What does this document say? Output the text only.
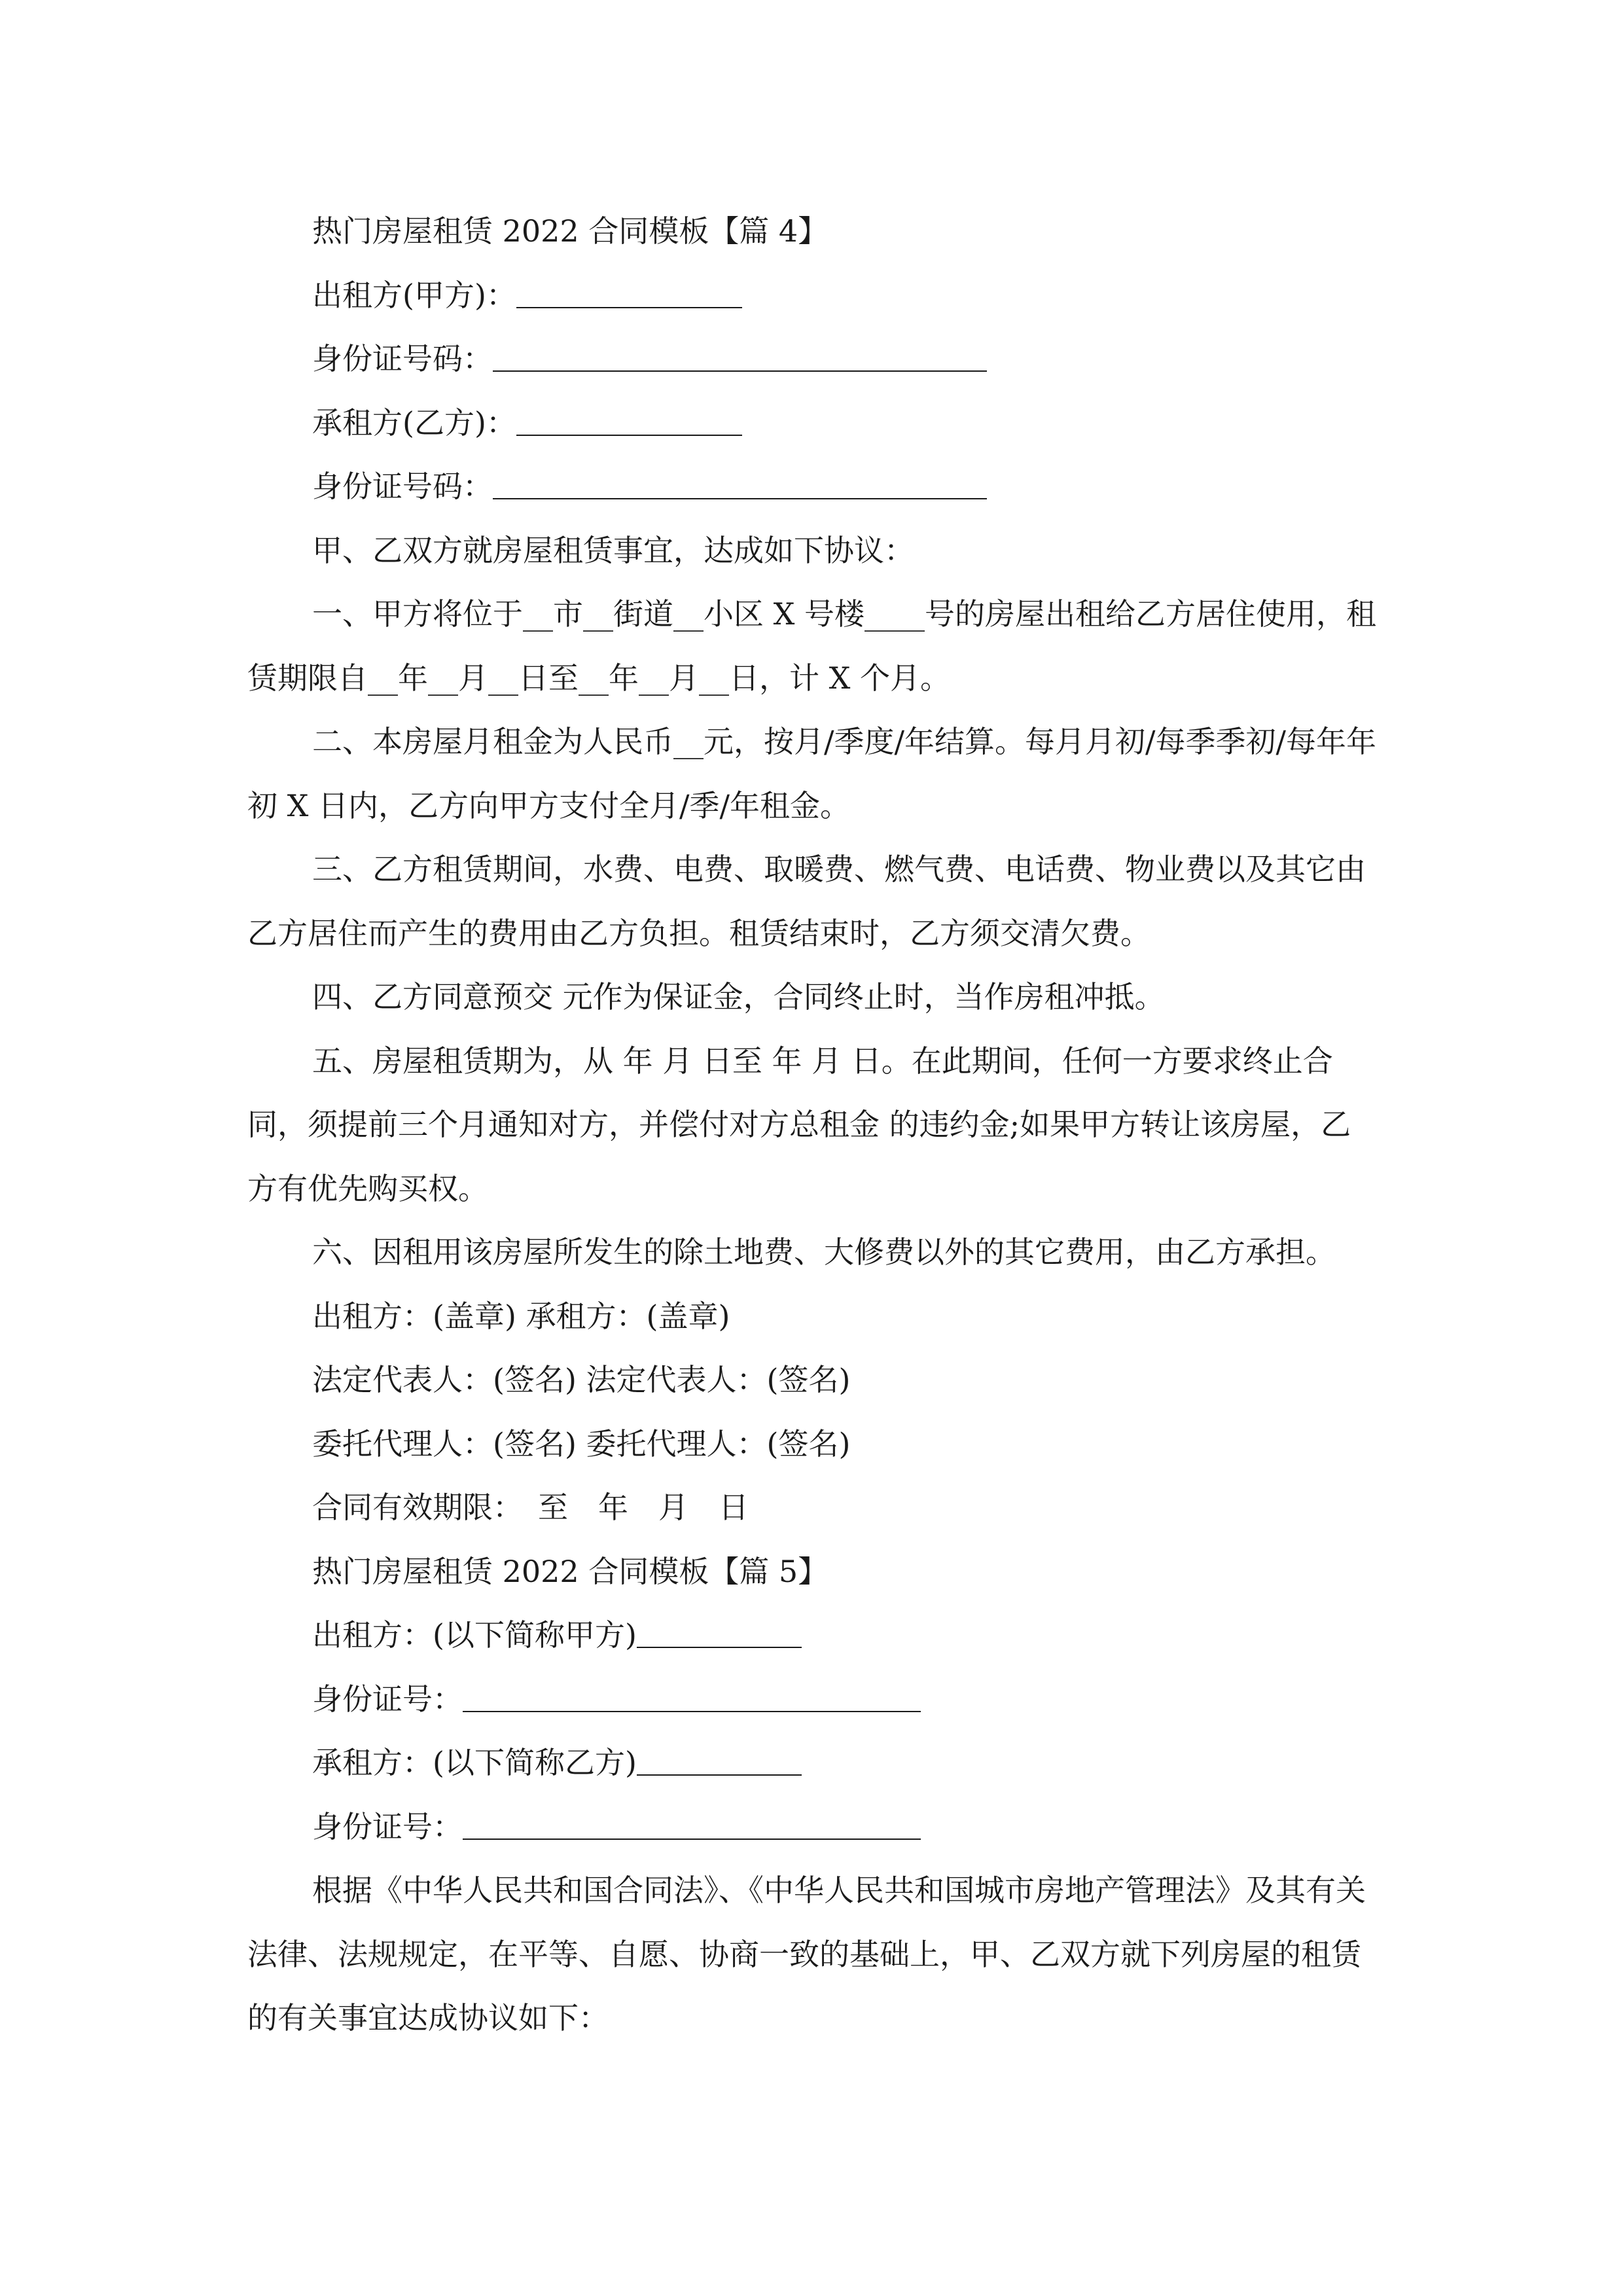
热门房屋租赁 2022 合同模板【篇 4】

出租方(甲方)：

身份证号码：

承租方(乙方)：

身份证号码：

甲、乙双方就房屋租赁事宜，达成如下协议：

一、甲方将位于__市__街道__小区 X 号楼____号的房屋出租给乙方居住使用，租赁期限自__年__月__日至__年__月__日，计 X 个月。

二、本房屋月租金为人民币__元，按月/季度/年结算。每月月初/每季季初/每年年初 X 日内，乙方向甲方支付全月/季/年租金。

三、乙方租赁期间，水费、电费、取暖费、燃气费、电话费、物业费以及其它由乙方居住而产生的费用由乙方负担。租赁结束时，乙方须交清欠费。

四、乙方同意预交 元作为保证金，合同终止时，当作房租冲抵。

五、房屋租赁期为，从 年 月 日至 年 月 日。在此期间，任何一方要求终止合同，须提前三个月通知对方，并偿付对方总租金 的违约金;如果甲方转让该房屋，乙方有优先购买权。

六、因租用该房屋所发生的除土地费、大修费以外的其它费用，由乙方承担。

出租方：(盖章) 承租方：(盖章)

法定代表人：(签名) 法定代表人：(签名)

委托代理人：(签名) 委托代理人：(签名)

合同有效期限：　至　年　月　日

热门房屋租赁 2022 合同模板【篇 5】

出租方：(以下简称甲方)

身份证号：

承租方：(以下简称乙方)

身份证号：

根据《中华人民共和国合同法》、《中华人民共和国城市房地产管理法》及其有关法律、法规规定，在平等、自愿、协商一致的基础上，甲、乙双方就下列房屋的租赁的有关事宜达成协议如下：
